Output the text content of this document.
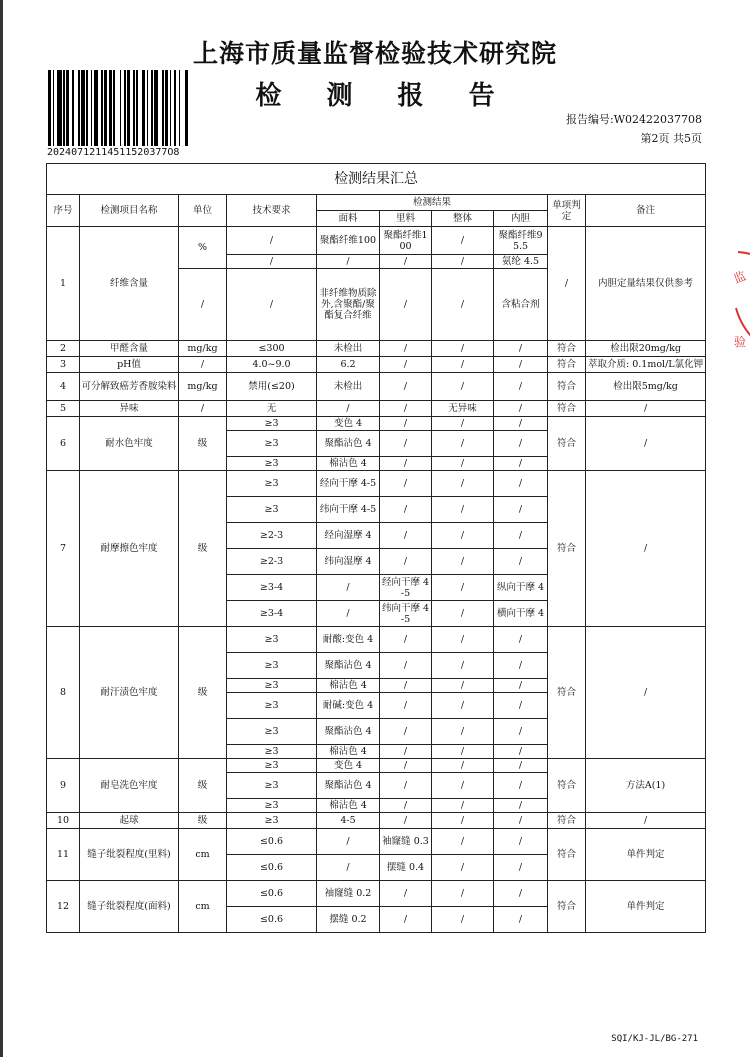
上海市质量监督检验技术研究院
检 测 报 告
20240712114511520377O8
报告编号:W02422037708
第2页 共5页
监
验
检测结果汇总									
序号	检测项目名称	单位	技术要求	检测结果				单项判定	备注
				面料	里料	整体	内胆		
1	纤维含量	%	/	聚酯纤维100	聚酯纤维100	/	聚酯纤维95.5	/	内胆定量结果仅供参考
			/	/	/	/	氨纶 4.5		
		/	/	非纤维物质除外,含聚酯/聚酯复合纤维	/	/	含粘合剂		
2	甲醛含量	mg/kg	≤300	未检出	/	/	/	符合	检出限20mg/kg
3	pH值	/	4.0~9.0	6.2	/	/	/	符合	萃取介质: 0.1mol/L氯化钾
4	可分解致癌芳香胺染料	mg/kg	禁用(≤20)	未检出	/	/	/	符合	检出限5mg/kg
5	异味	/	无	/	/	无异味	/	符合	/
6	耐水色牢度	级	≥3	变色 4	/	/	/	符合	/
			≥3	聚酯沾色 4	/	/	/		
			≥3	棉沾色 4	/	/	/		
7	耐摩擦色牢度	级	≥3	经向干摩 4-5	/	/	/	符合	/
			≥3	纬向干摩 4-5	/	/	/		
			≥2-3	经向湿摩 4	/	/	/		
			≥2-3	纬向湿摩 4	/	/	/		
			≥3-4	/	经向干摩 4-5	/	纵向干摩 4		
			≥3-4	/	纬向干摩 4-5	/	横向干摩 4		
8	耐汗渍色牢度	级	≥3	耐酸:变色 4	/	/	/	符合	/
			≥3	聚酯沾色 4	/	/	/		
			≥3	棉沾色 4	/	/	/		
			≥3	耐碱:变色 4	/	/	/		
			≥3	聚酯沾色 4	/	/	/		
			≥3	棉沾色 4	/	/	/		
9	耐皂洗色牢度	级	≥3	变色 4	/	/	/	符合	方法A(1)
			≥3	聚酯沾色 4	/	/	/		
			≥3	棉沾色 4	/	/	/		
10	起球	级	≥3	4-5	/	/	/	符合	/
11	缝子纰裂程度(里料)	cm	≤0.6	/	袖窿缝 0.3	/	/	符合	单件判定
			≤0.6	/	摆缝 0.4	/	/		
12	缝子纰裂程度(面料)	cm	≤0.6	袖窿缝 0.2	/	/	/	符合	单件判定
			≤0.6	摆缝 0.2	/	/	/		
SQI/KJ-JL/BG-271
